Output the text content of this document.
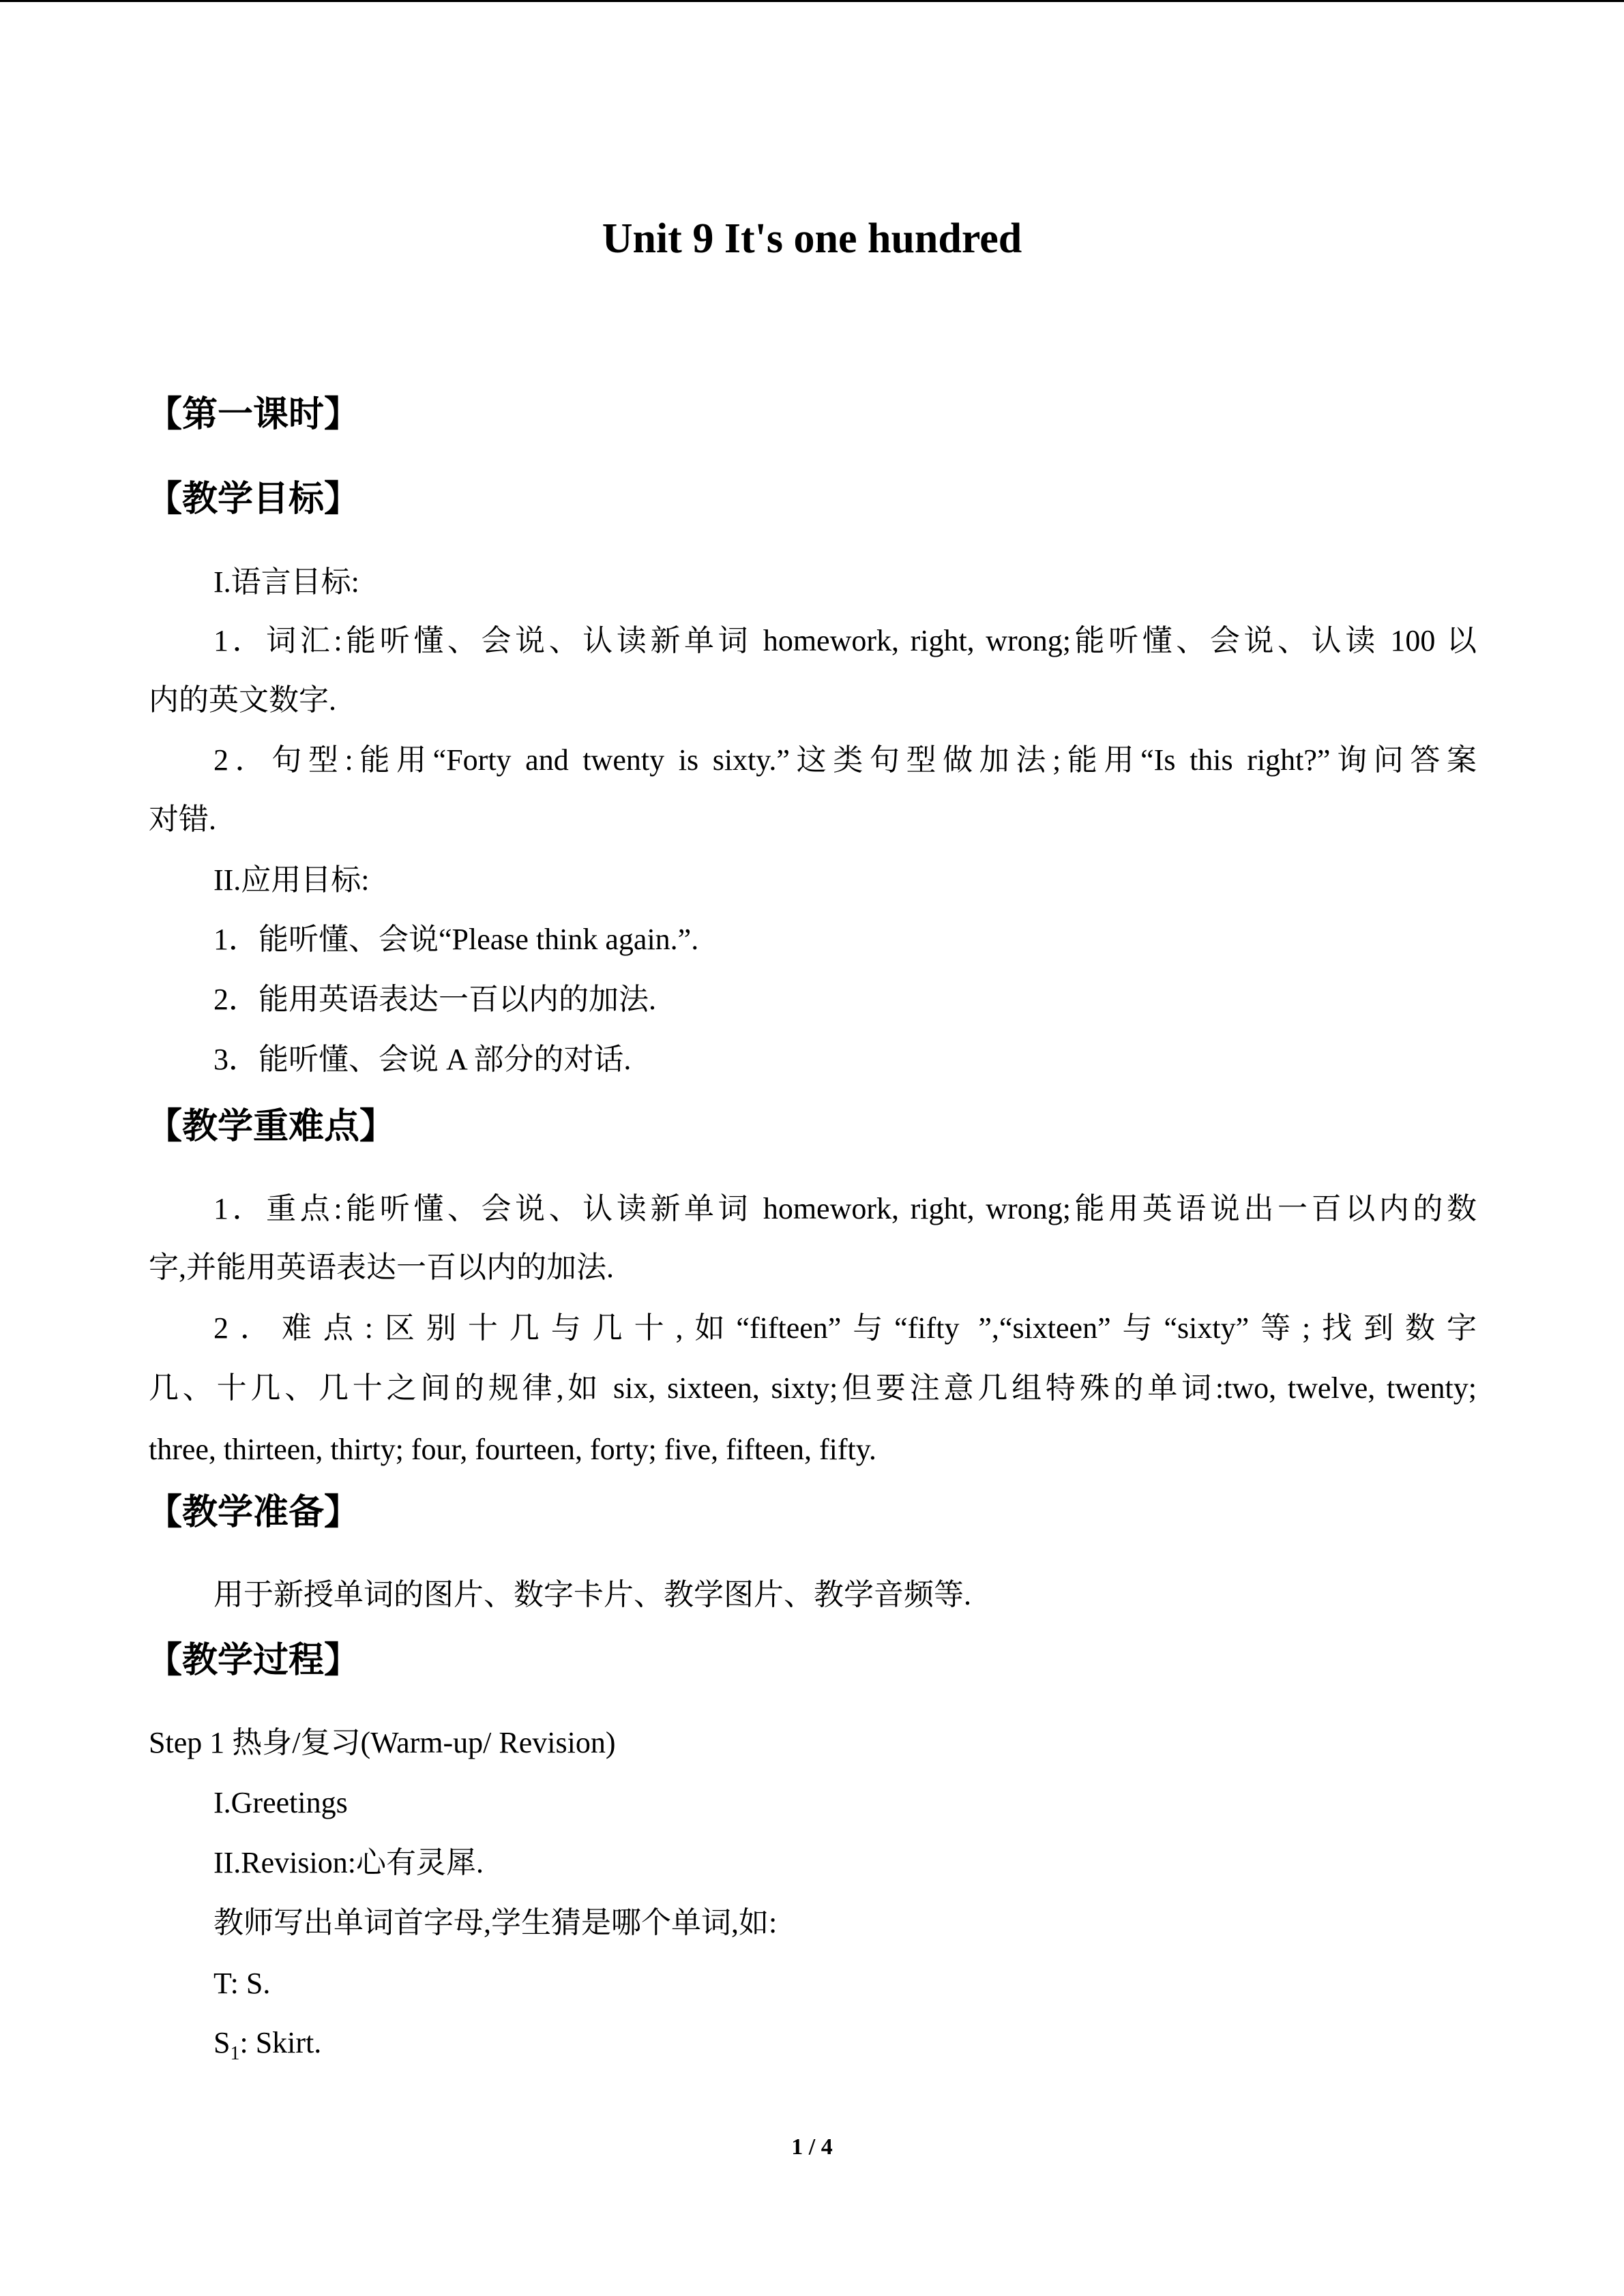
Unit 9 It's one hundred
【第一课时】
【教学目标】
I.语言目标:
1．词汇:能听懂、会说、认读新单词 homework, right, wrong;能听懂、会说、认读 100 以
内的英文数字.
2．句型:能用“Forty and twenty is sixty.”这类句型做加法;能用“Is this right?”询问答案
对错.
II.应用目标:
1．能听懂、会说“Please think again.”.
2．能用英语表达一百以内的加法.
3．能听懂、会说 A 部分的对话.
【教学重难点】
1．重点:能听懂、会说、认读新单词 homework, right, wrong;能用英语说出一百以内的数
字,并能用英语表达一百以内的加法.
2．难点:区别十几与几十,如“fifteen”与“fifty ”,“sixteen”与“sixty”等;找到数字
几、十几、几十之间的规律,如 six, sixteen, sixty;但要注意几组特殊的单词:two, twelve, twenty;
three, thirteen, thirty; four, fourteen, forty; five, fifteen, fifty.
【教学准备】
用于新授单词的图片、数字卡片、教学图片、教学音频等.
【教学过程】
Step 1 热身/复习(Warm-up/ Revision)
I.Greetings
II.Revision:心有灵犀.
教师写出单词首字母,学生猜是哪个单词,如:
T: S.
$S_1$: Skirt.
1 / 4
